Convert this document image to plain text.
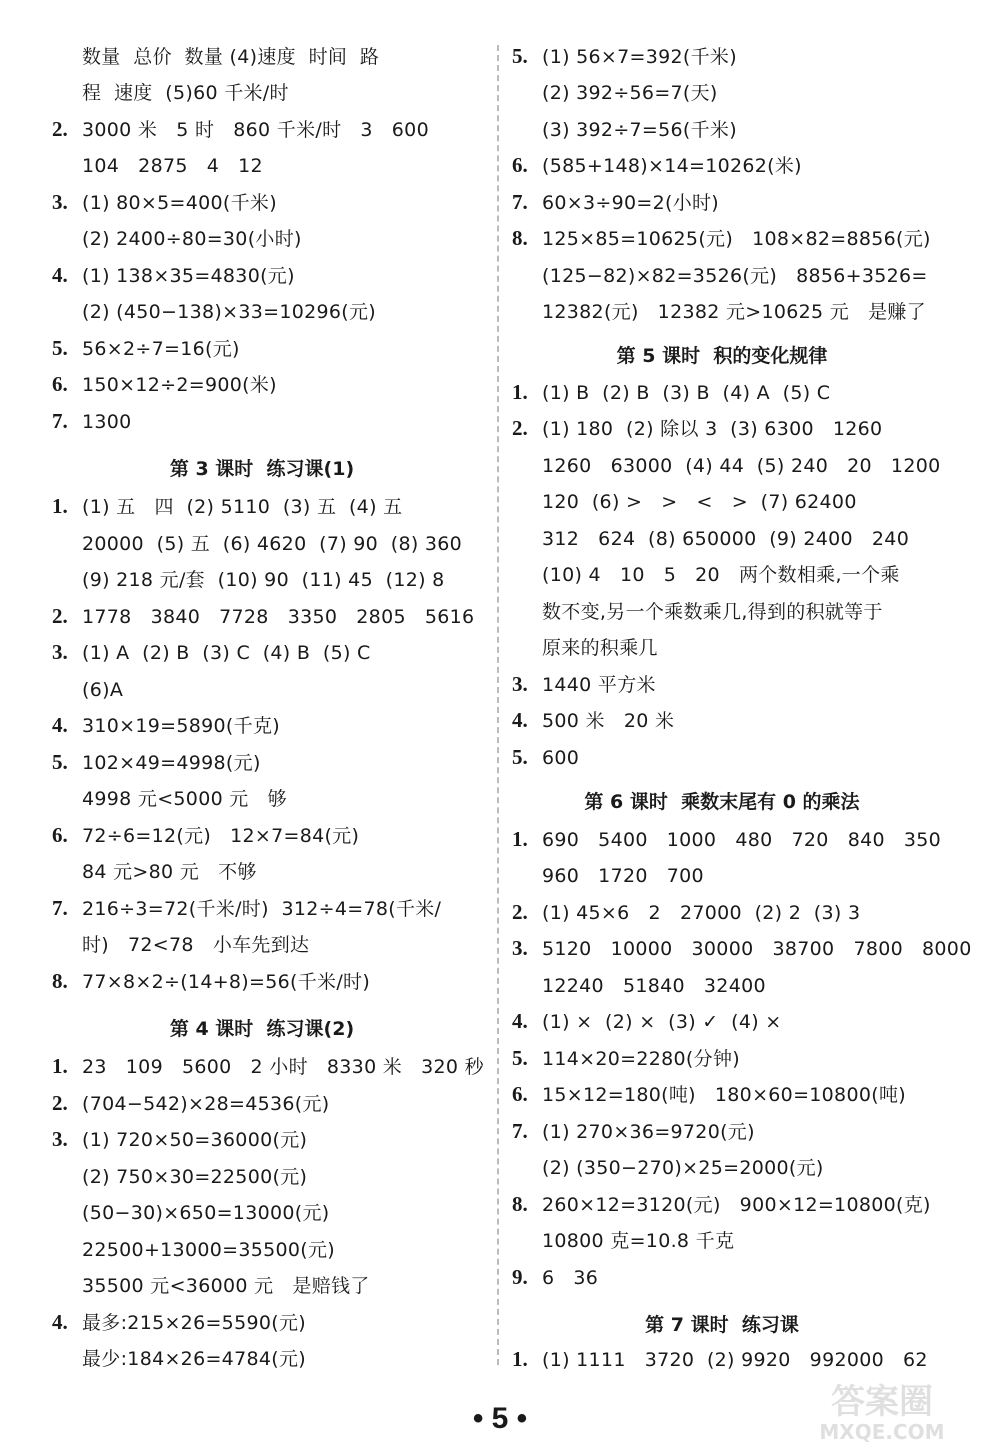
数量  总价  数量 (4)速度  时间  路
程  速度  (5)60 千米/时
2. 3000 米   5 时   860 千米/时   3   600
104   2875   4   12
3. (1) 80×5=400(千米)
(2) 2400÷80=30(小时)
4. (1) 138×35=4830(元)
(2) (450−138)×33=10296(元)
5. 56×2÷7=16(元)
6. 150×12÷2=900(米)
7. 1300
第 3 课时  练习课(1)
1. (1) 五   四  (2) 5110  (3) 五  (4) 五
20000  (5) 五  (6) 4620  (7) 90  (8) 360
(9) 218 元/套  (10) 90  (11) 45  (12) 8
2. 1778   3840   7728   3350   2805   5616
3. (1) A  (2) B  (3) C  (4) B  (5) C
(6)A
4. 310×19=5890(千克)
5. 102×49=4998(元)
4998 元<5000 元   够
6. 72÷6=12(元)   12×7=84(元)
84 元>80 元   不够
7. 216÷3=72(千米/时)  312÷4=78(千米/
时)   72<78   小车先到达
8. 77×8×2÷(14+8)=56(千米/时)
第 4 课时  练习课(2)
1. 23   109   5600   2 小时   8330 米   320 秒
2. (704−542)×28=4536(元)
3. (1) 720×50=36000(元)
(2) 750×30=22500(元)
(50−30)×650=13000(元)
22500+13000=35500(元)
35500 元<36000 元   是赔钱了
4. 最多:215×26=5590(元)
最少:184×26=4784(元)
5. (1) 56×7=392(千米)
(2) 392÷56=7(天)
(3) 392÷7=56(千米)
6. (585+148)×14=10262(米)
7. 60×3÷90=2(小时)
8. 125×85=10625(元)   108×82=8856(元)
(125−82)×82=3526(元)   8856+3526=
12382(元)   12382 元>10625 元   是赚了
第 5 课时  积的变化规律
1. (1) B  (2) B  (3) B  (4) A  (5) C
2. (1) 180  (2) 除以 3  (3) 6300   1260
1260   63000  (4) 44  (5) 240   20   1200
120  (6) >   >   <   >  (7) 62400
312   624  (8) 650000  (9) 2400   240
(10) 4   10   5   20   两个数相乘,一个乘
数不变,另一个乘数乘几,得到的积就等于
原来的积乘几
3. 1440 平方米
4. 500 米   20 米
5. 600
第 6 课时  乘数末尾有 0 的乘法
1. 690   5400   1000   480   720   840   350
960   1720   700
2. (1) 45×6   2   27000  (2) 2  (3) 3
3. 5120   10000   30000   38700   7800   8000
12240   51840   32400
4. (1) ×  (2) ×  (3) ✓  (4) ×
5. 114×20=2280(分钟)
6. 15×12=180(吨)   180×60=10800(吨)
7. (1) 270×36=9720(元)
(2) (350−270)×25=2000(元)
8. 260×12=3120(元)   900×12=10800(克)
10800 克=10.8 千克
9. 6   36
第 7 课时  练习课
1. (1) 1111   3720  (2) 9920   992000   62
• 5 •	答案圈
MXQE.COM
